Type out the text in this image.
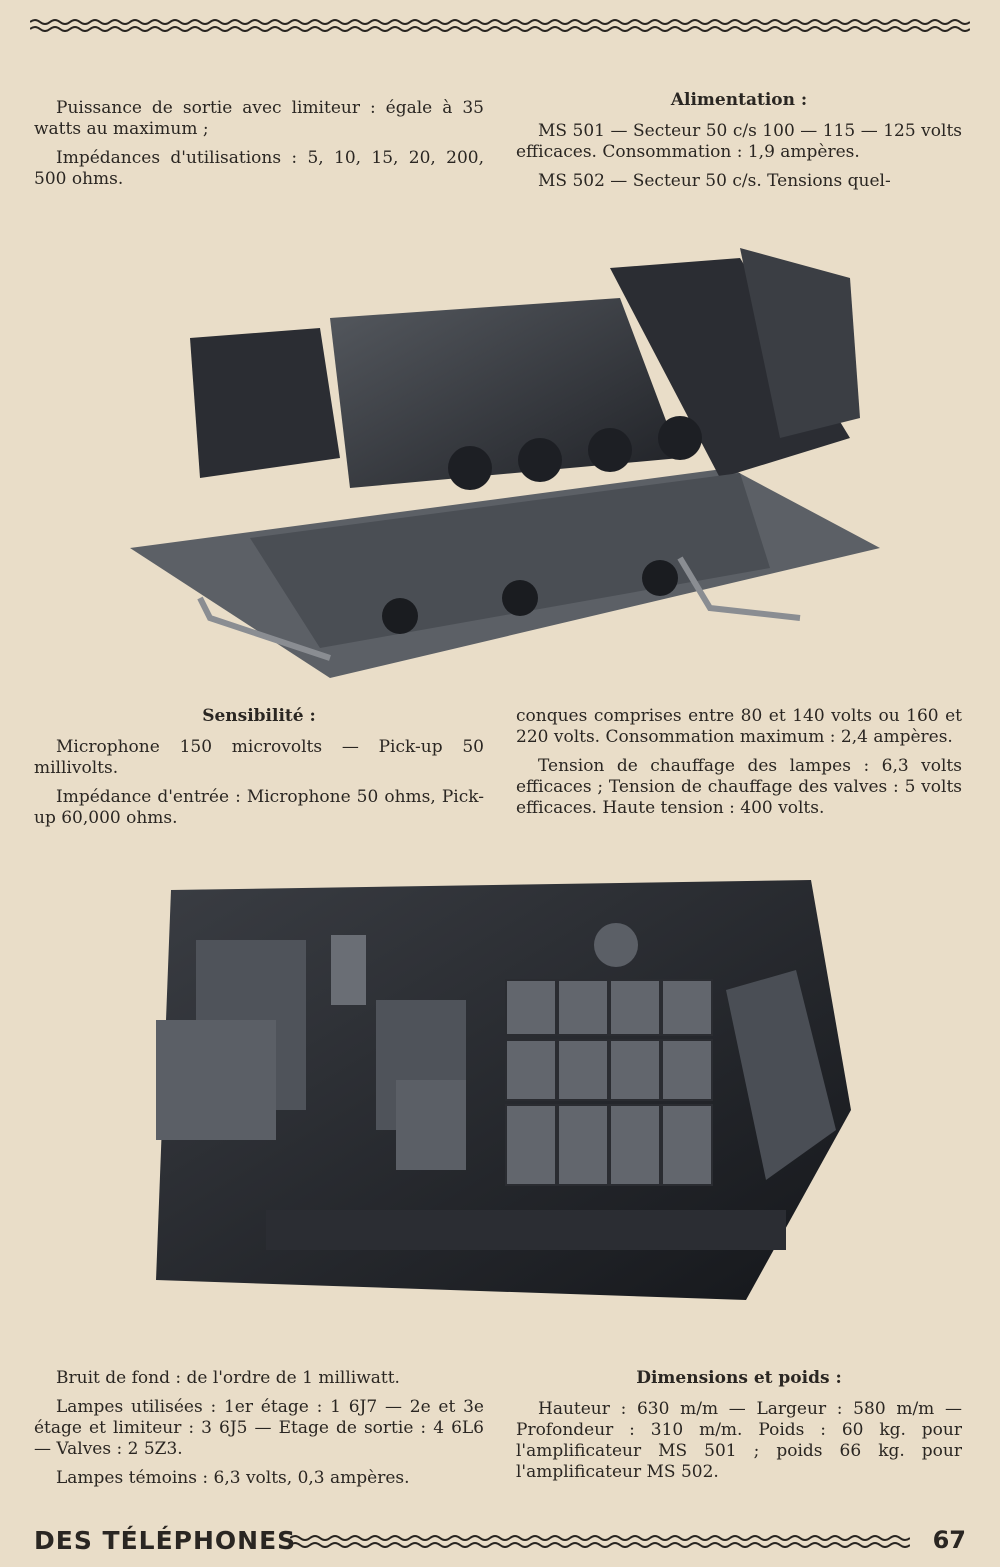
Puissance de sortie avec limiteur : égale à 35 watts au maximum ;

Impédances d'utilisations : 5, 10, 15, 20, 200, 500 ohms.

Alimentation :

MS 501 — Secteur 50 c/s 100 — 115 — 125 volts efficaces. Consommation : 1,9 ampères.

MS 502 — Secteur 50 c/s. Tensions quel-

Sensibilité :

Microphone 150 microvolts — Pick-up 50 millivolts.

Impédance d'entrée : Microphone 50 ohms, Pick-up 60,000 ohms.

conques comprises entre 80 et 140 volts ou 160 et 220 volts. Consommation maximum : 2,4 ampères.

Tension de chauffage des lampes : 6,3 volts efficaces ; Tension de chauffage des valves : 5 volts efficaces. Haute tension : 400 volts.

Bruit de fond : de l'ordre de 1 milliwatt.

Lampes utilisées : 1er étage : 1 6J7 — 2e et 3e étage et limiteur : 3 6J5 — Etage de sortie : 4 6L6 — Valves : 2 5Z3.

Lampes témoins : 6,3 volts, 0,3 ampères.

Dimensions et poids :

Hauteur : 630 m/m — Largeur : 580 m/m — Profondeur : 310 m/m. Poids : 60 kg. pour l'amplificateur MS 501 ; poids 66 kg. pour l'amplificateur MS 502.

DES TÉLÉPHONES	67
